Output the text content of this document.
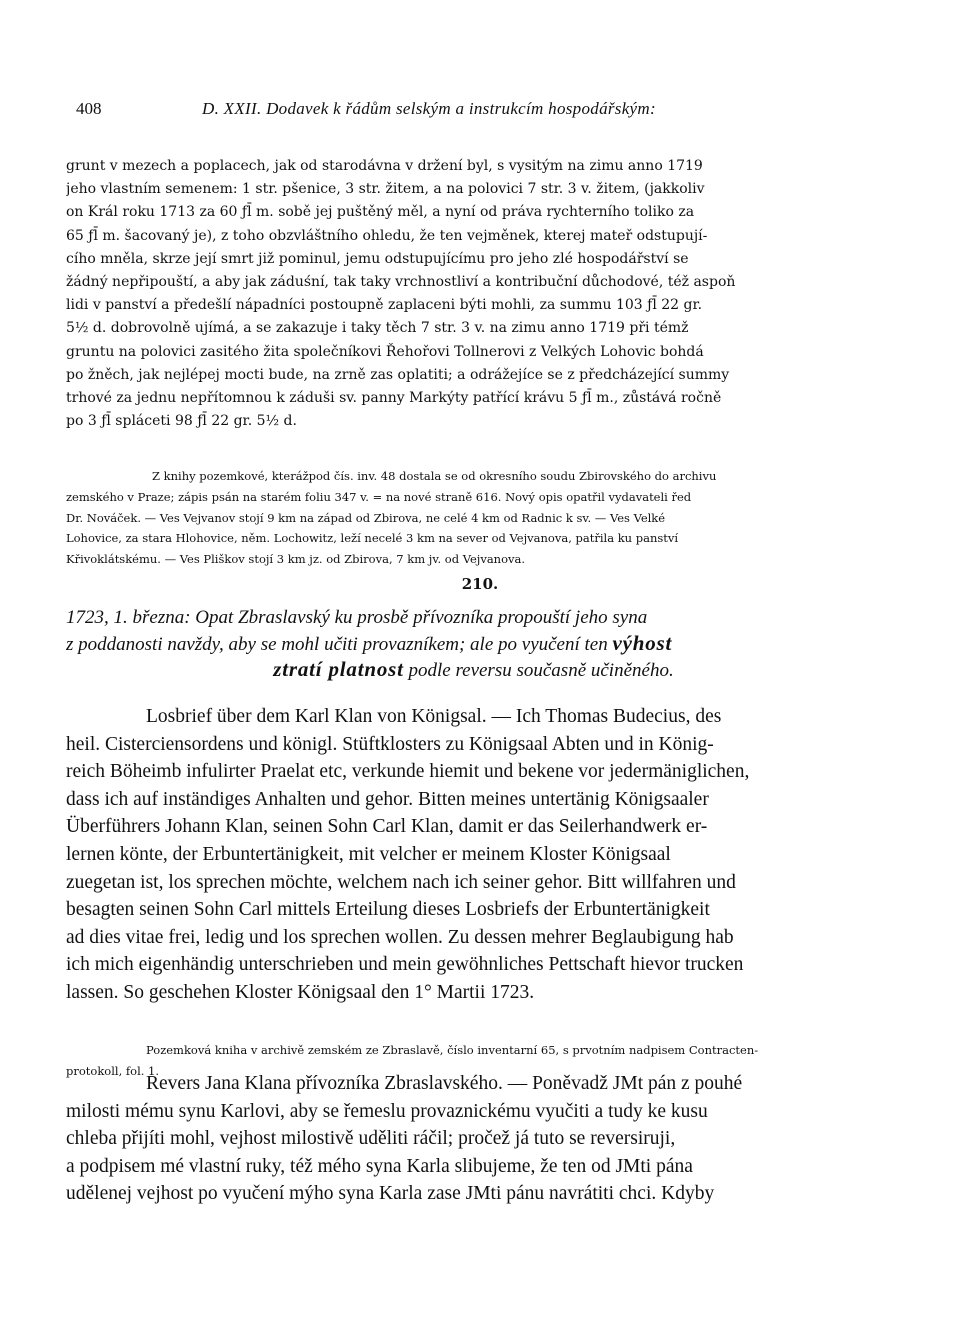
408	D. XXII. Dodavek k řádům selským a instrukcím hospodářským:
grunt v mezech a poplacech, jak od starodávna v držení byl, s vysitým na zimu anno 1719
jeho vlastním semenem: 1 str. pšenice, 3 str. žitem, a na polovici 7 str. 3 v. žitem, (jakkoliv
on Král roku 1713 za 60 ƒl̄ m. sobě jej puštěný měl, a nyní od práva rychterního toliko za
65 ƒl̄ m. šacovaný je), z toho obzvláštního ohledu, že ten vejměnek, kterej mateř odstupují-
cího mněla, skrze její smrt již pominul, jemu odstupujícímu pro jeho zlé hospodářství se
žádný nepřipouští, a aby jak záduśní, tak taky vrchnostliví a kontribuční důchodové, též aspoň
lidi v panství a předešlí nápadníci postoupně zaplaceni býti mohli, za summu 103 ƒl̄ 22 gr.
5½ d. dobrovolně ujímá, a se zakazuje i taky těch 7 str. 3 v. na zimu anno 1719 při témž
gruntu na polovici zasitého žita společníkovi Řehořovi Tollnerovi z Velkých Lohovic bohdá
po žněch, jak nejlépej mocti bude, na zrně zas oplatiti; a odrážejíce se z předcházející summy
trhové za jednu nepřítomnou k záduši sv. panny Markýty patřící krávu 5 ƒl̄ m., zůstává ročně
po 3 ƒl̄ spláceti 98 ƒl̄ 22 gr. 5½ d.
Z knihy pozemkové, kterážpod čís. inv. 48 dostala se od okresního soudu Zbirovského do archivu
zemského v Praze; zápis psán na starém foliu 347 v. = na nové straně 616. Nový opis opatřil vydavateli řed
Dr. Nováček. — Ves Vejvanov stojí 9 km na západ od Zbirova, ne celé 4 km od Radnic k sv. — Ves Velké
Lohovice, za stara Hlohovice, něm. Lochowitz, leží necelé 3 km na sever od Vejvanova, patřila ku panství
Křivoklátskému. — Ves Pliškov stojí 3 km jz. od Zbirova, 7 km jv. od Vejvanova.
210.
1723, 1. března: Opat Zbraslavský ku prosbě přívozníka propouští jeho syna
z poddanosti navždy, aby se mohl učiti provazníkem; ale po vyučení ten výhost
ztratí platnost podle reversu současně učiněného.
Losbrief über dem Karl Klan von Königsal. — Ich Thomas Budecius, des
heil. Cisterciensordens und königl. Stüftklosters zu Königsaal Abten und in König-
reich Böheimb infulirter Praelat etc, verkunde hiemit und bekene vor jedermäniglichen,
dass ich auf inständiges Anhalten und gehor. Bitten meines untertänig Königsaaler
Überführers Johann Klan, seinen Sohn Carl Klan, damit er das Seilerhandwerk er-
lernen könte, der Erbuntertänigkeit, mit velcher er meinem Kloster Königsaal
zuegetan ist, los sprechen möchte, welchem nach ich seiner gehor. Bitt willfahren und
besagten seinen Sohn Carl mittels Erteilung dieses Losbriefs der Erbuntertänigkeit
ad dies vitae frei, ledig und los sprechen wollen. Zu dessen mehrer Beglaubigung hab
ich mich eigenhändig unterschrieben und mein gewöhnliches Pettschaft hievor trucken
lassen. So geschehen Kloster Königsaal den 1° Martii 1723.
Pozemková kniha v archivě zemském ze Zbraslavě, číslo inventarní 65, s prvotním nadpisem Contracten-
protokoll, fol. 1.
Revers Jana Klana přívozníka Zbraslavského. — Poněvadž JMt pán z pouhé
milosti mému synu Karlovi, aby se řemeslu provaznickému vyučiti a tudy ke kusu
chleba přijíti mohl, vejhost milostivě uděliti ráčil; pročež já tuto se reversiruji,
a podpisem mé vlastní ruky, též mého syna Karla slibujeme, že ten od JMti pána
udělenej vejhost po vyučení mýho syna Karla zase JMti pánu navrátiti chci. Kdyby
